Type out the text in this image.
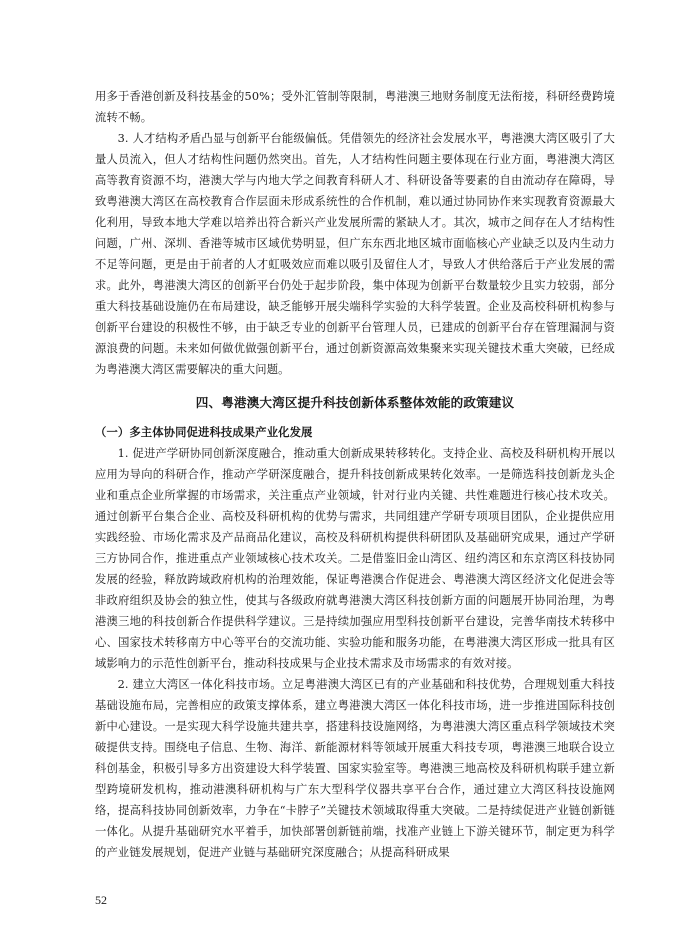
用多于香港创新及科技基金的50%；受外汇管制等限制，粤港澳三地财务制度无法衔接，科研经费跨境流转不畅。

3. 人才结构矛盾凸显与创新平台能级偏低。凭借领先的经济社会发展水平，粤港澳大湾区吸引了大量人员流入，但人才结构性问题仍然突出。首先，人才结构性问题主要体现在行业方面，粤港澳大湾区高等教育资源不均，港澳大学与内地大学之间教育科研人才、科研设备等要素的自由流动存在障碍，导致粤港澳大湾区在高校教育合作层面未形成系统性的合作机制，难以通过协同协作来实现教育资源最大化利用，导致本地大学难以培养出符合新兴产业发展所需的紧缺人才。其次，城市之间存在人才结构性问题，广州、深圳、香港等城市区域优势明显，但广东东西北地区城市面临核心产业缺乏以及内生动力不足等问题，更是由于前者的人才虹吸效应而难以吸引及留住人才，导致人才供给落后于产业发展的需求。此外，粤港澳大湾区的创新平台仍处于起步阶段，集中体现为创新平台数量较少且实力较弱，部分重大科技基础设施仍在布局建设，缺乏能够开展尖端科学实验的大科学装置。企业及高校科研机构参与创新平台建设的积极性不够，由于缺乏专业的创新平台管理人员，已建成的创新平台存在管理漏洞与资源浪费的问题。未来如何做优做强创新平台，通过创新资源高效集聚来实现关键技术重大突破，已经成为粤港澳大湾区需要解决的重大问题。

四、粤港澳大湾区提升科技创新体系整体效能的政策建议
（一）多主体协同促进科技成果产业化发展

1. 促进产学研协同创新深度融合，推动重大创新成果转移转化。支持企业、高校及科研机构开展以应用为导向的科研合作，推动产学研深度融合，提升科技创新成果转化效率。一是筛选科技创新龙头企业和重点企业所掌握的市场需求，关注重点产业领域，针对行业内关键、共性难题进行核心技术攻关。通过创新平台集合企业、高校及科研机构的优势与需求，共同组建产学研专项项目团队，企业提供应用实践经验、市场化需求及产品商品化建议，高校及科研机构提供科研团队及基础研究成果，通过产学研三方协同合作，推进重点产业领域核心技术攻关。二是借鉴旧金山湾区、纽约湾区和东京湾区科技协同发展的经验，释放跨域政府机构的治理效能，保证粤港澳合作促进会、粤港澳大湾区经济文化促进会等非政府组织及协会的独立性，使其与各级政府就粤港澳大湾区科技创新方面的问题展开协同治理，为粤港澳三地的科技创新合作提供科学建议。三是持续加强应用型科技创新平台建设，完善华南技术转移中心、国家技术转移南方中心等平台的交流功能、实验功能和服务功能，在粤港澳大湾区形成一批具有区域影响力的示范性创新平台，推动科技成果与企业技术需求及市场需求的有效对接。

2. 建立大湾区一体化科技市场。立足粤港澳大湾区已有的产业基础和科技优势，合理规划重大科技基础设施布局，完善相应的政策支撑体系，建立粤港澳大湾区一体化科技市场，进一步推进国际科技创新中心建设。一是实现大科学设施共建共享，搭建科技设施网络，为粤港澳大湾区重点科学领域技术突破提供支持。围绕电子信息、生物、海洋、新能源材料等领域开展重大科技专项，粤港澳三地联合设立科创基金，积极引导多方出资建设大科学装置、国家实验室等。粤港澳三地高校及科研机构联手建立新型跨境研发机构，推动港澳科研机构与广东大型科学仪器共享平台合作，通过建立大湾区科技设施网络，提高科技协同创新效率，力争在“卡脖子”关键技术领域取得重大突破。二是持续促进产业链创新链一体化。从提升基础研究水平着手，加快部署创新链前端，找准产业链上下游关键环节，制定更为科学的产业链发展规划，促进产业链与基础研究深度融合；从提高科研成果

52
